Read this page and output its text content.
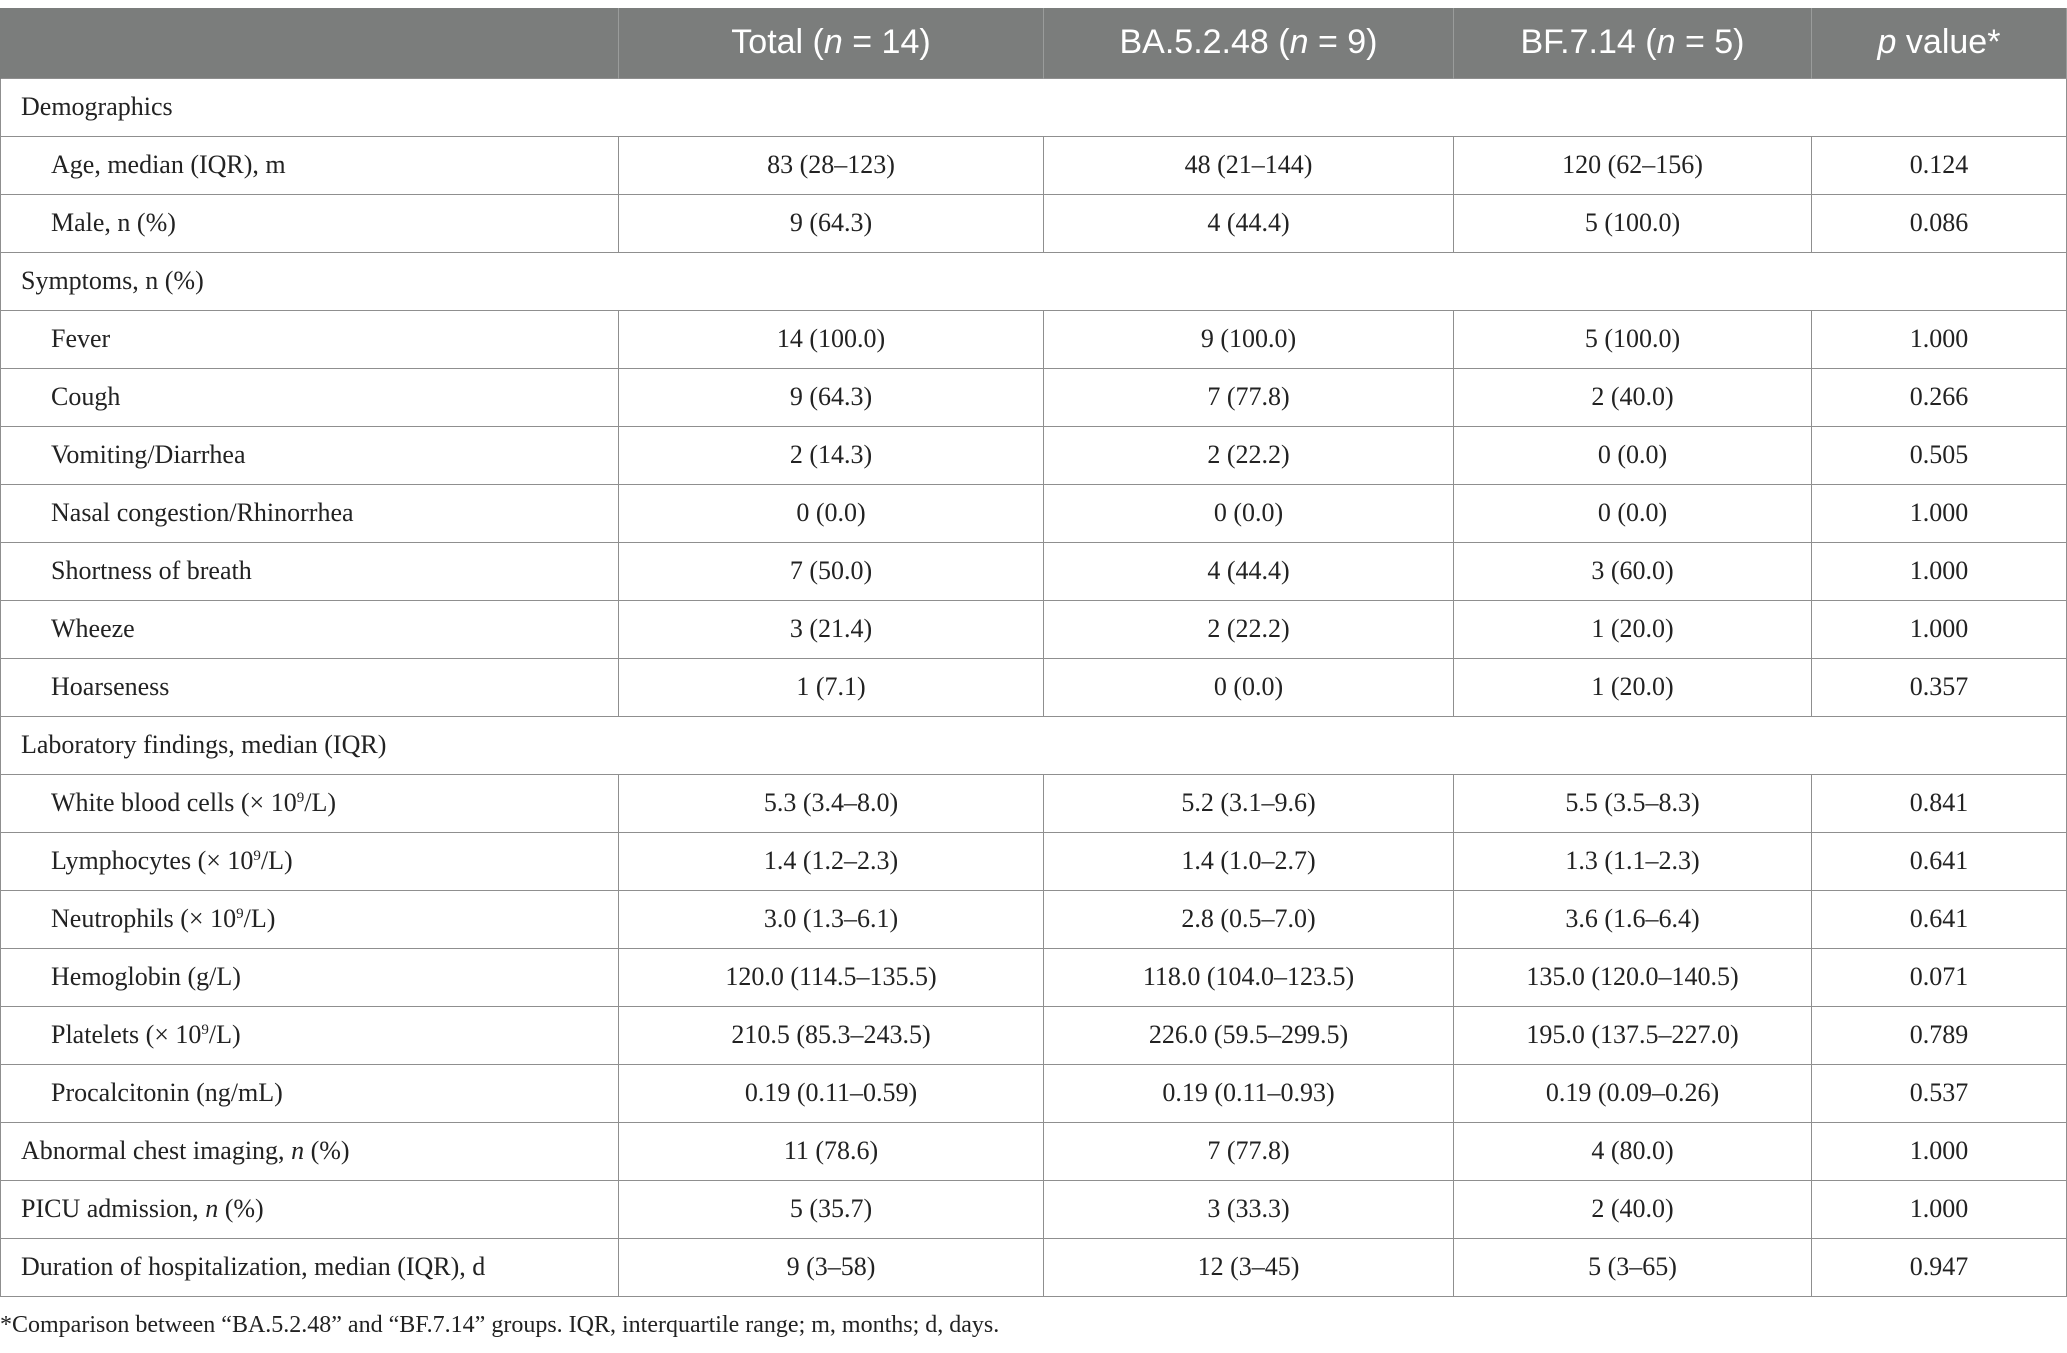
	Total (n = 14)	BA.5.2.48 (n = 9)	BF.7.14 (n = 5)	p value*
Demographics				
Age, median (IQR), m	83 (28–123)	48 (21–144)	120 (62–156)	0.124
Male, n (%)	9 (64.3)	4 (44.4)	5 (100.0)	0.086
Symptoms, n (%)				
Fever	14 (100.0)	9 (100.0)	5 (100.0)	1.000
Cough	9 (64.3)	7 (77.8)	2 (40.0)	0.266
Vomiting/Diarrhea	2 (14.3)	2 (22.2)	0 (0.0)	0.505
Nasal congestion/Rhinorrhea	0 (0.0)	0 (0.0)	0 (0.0)	1.000
Shortness of breath	7 (50.0)	4 (44.4)	3 (60.0)	1.000
Wheeze	3 (21.4)	2 (22.2)	1 (20.0)	1.000
Hoarseness	1 (7.1)	0 (0.0)	1 (20.0)	0.357
Laboratory findings, median (IQR)				
White blood cells (× $10^9/L$)	5.3 (3.4–8.0)	5.2 (3.1–9.6)	5.5 (3.5–8.3)	0.841
Lymphocytes (× $10^9/L$)	1.4 (1.2–2.3)	1.4 (1.0–2.7)	1.3 (1.1–2.3)	0.641
Neutrophils (× $10^9/L$)	3.0 (1.3–6.1)	2.8 (0.5–7.0)	3.6 (1.6–6.4)	0.641
Hemoglobin (g/L)	120.0 (114.5–135.5)	118.0 (104.0–123.5)	135.0 (120.0–140.5)	0.071
Platelets (× $10^9/L$)	210.5 (85.3–243.5)	226.0 (59.5–299.5)	195.0 (137.5–227.0)	0.789
Procalcitonin (ng/mL)	0.19 (0.11–0.59)	0.19 (0.11–0.93)	0.19 (0.09–0.26)	0.537
Abnormal chest imaging, n (%)	11 (78.6)	7 (77.8)	4 (80.0)	1.000
PICU admission, n (%)	5 (35.7)	3 (33.3)	2 (40.0)	1.000
Duration of hospitalization, median (IQR), d	9 (3–58)	12 (3–45)	5 (3–65)	0.947
*Comparison between “BA.5.2.48” and “BF.7.14” groups. IQR, interquartile range; m, months; d, days.
